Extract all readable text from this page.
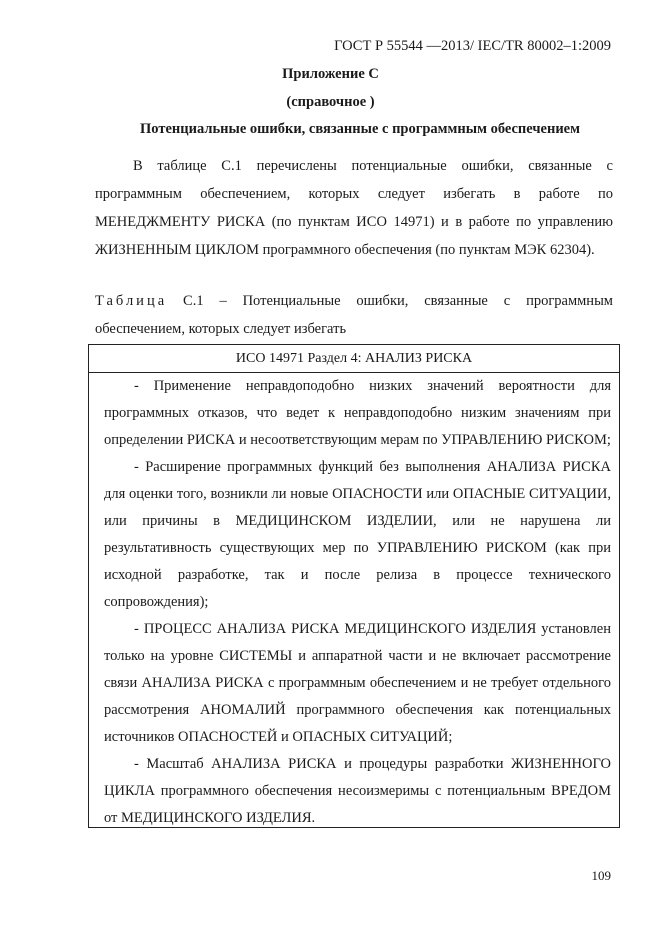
ГОСТ Р 55544 —2013/ IEC/TR 80002–1:2009
Приложение С
(справочное )
Потенциальные ошибки, связанные с программным обеспечением
В таблице С.1 перечислены потенциальные ошибки, связанные с программным обеспечением, которых следует избегать в работе по МЕНЕДЖМЕНТУ РИСКА (по пунктам ИСО 14971) и в работе по управлению ЖИЗНЕННЫМ ЦИКЛОМ программного обеспечения (по пунктам МЭК 62304).
Таблица С.1 – Потенциальные ошибки, связанные с программным обеспечением, которых следует избегать
ИСО 14971 Раздел 4: АНАЛИЗ РИСКА
- Применение неправдоподобно низких значений вероятности для программных отказов, что ведет к неправдоподобно низким значениям при определении РИСКА и несоответствующим мерам по УПРАВЛЕНИЮ РИСКОМ;
- Расширение программных функций без выполнения АНАЛИЗА РИСКА для оценки того, возникли ли новые ОПАСНОСТИ или ОПАСНЫЕ СИТУАЦИИ, или причины в МЕДИЦИНСКОМ ИЗДЕЛИИ, или не нарушена ли результативность существующих мер по УПРАВЛЕНИЮ РИСКОМ (как при исходной разработке, так и после релиза в процессе технического сопровождения);
- ПРОЦЕСС АНАЛИЗА РИСКА МЕДИЦИНСКОГО ИЗДЕЛИЯ установлен только на уровне СИСТЕМЫ и аппаратной части и не включает рассмотрение связи АНАЛИЗА РИСКА с программным обеспечением и не требует отдельного рассмотрения АНОМАЛИЙ программного обеспечения как потенциальных источников ОПАСНОСТЕЙ и ОПАСНЫХ СИТУАЦИЙ;
- Масштаб АНАЛИЗА РИСКА и процедуры разработки ЖИЗНЕННОГО ЦИКЛА программного обеспечения несоизмеримы с потенциальным ВРЕДОМ от МЕДИЦИНСКОГО ИЗДЕЛИЯ.
109
